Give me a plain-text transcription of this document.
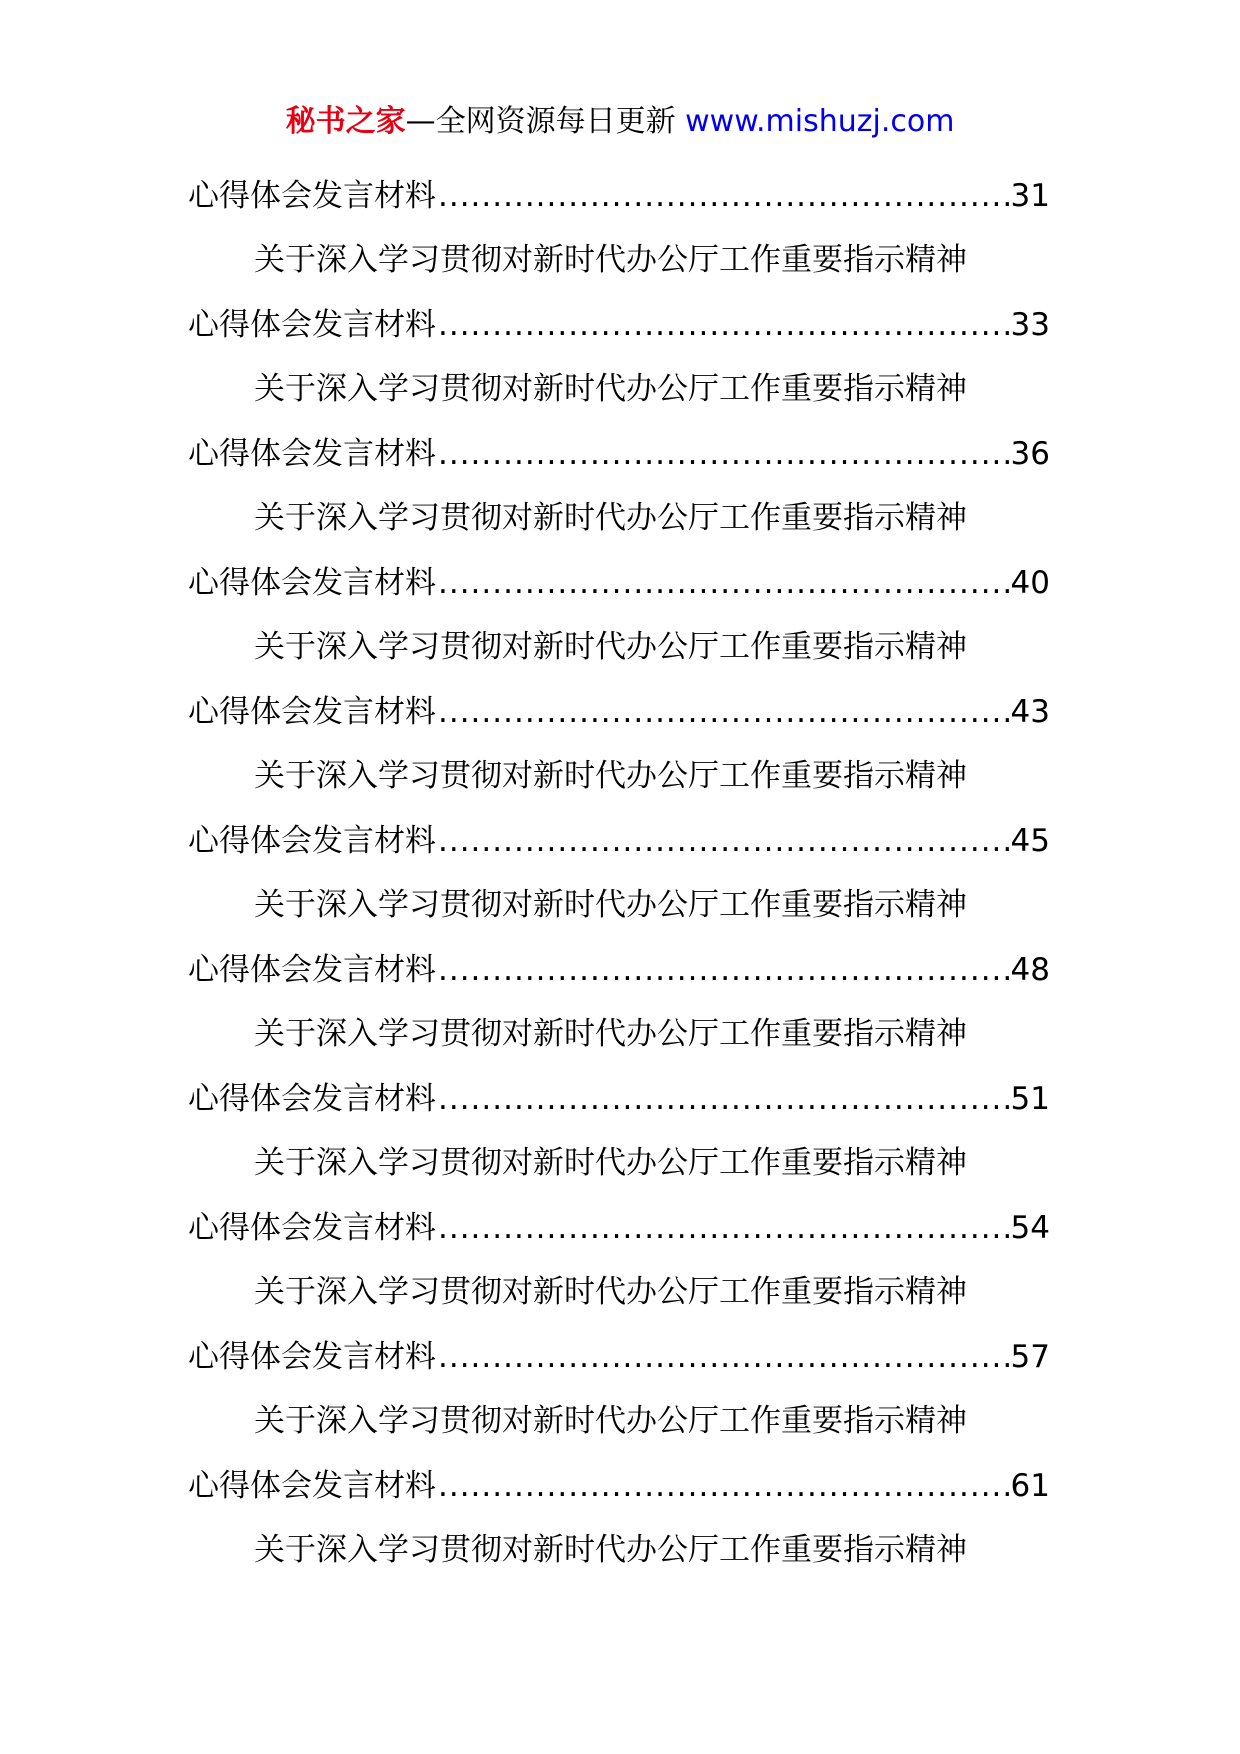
秘书之家—全网资源每日更新 www.mishuzj.com
心得体会发言材料 .....	31
关于深入学习贯彻对新时代办公厅工作重要指示精神
心得体会发言材料 .....	33
关于深入学习贯彻对新时代办公厅工作重要指示精神
心得体会发言材料 .....	36
关于深入学习贯彻对新时代办公厅工作重要指示精神
心得体会发言材料 .....	40
关于深入学习贯彻对新时代办公厅工作重要指示精神
心得体会发言材料 .....	43
关于深入学习贯彻对新时代办公厅工作重要指示精神
心得体会发言材料 .....	45
关于深入学习贯彻对新时代办公厅工作重要指示精神
心得体会发言材料 .....	48
关于深入学习贯彻对新时代办公厅工作重要指示精神
心得体会发言材料 .....	51
关于深入学习贯彻对新时代办公厅工作重要指示精神
心得体会发言材料 .....	54
关于深入学习贯彻对新时代办公厅工作重要指示精神
心得体会发言材料 .....	57
关于深入学习贯彻对新时代办公厅工作重要指示精神
心得体会发言材料 .....	61
关于深入学习贯彻对新时代办公厅工作重要指示精神
